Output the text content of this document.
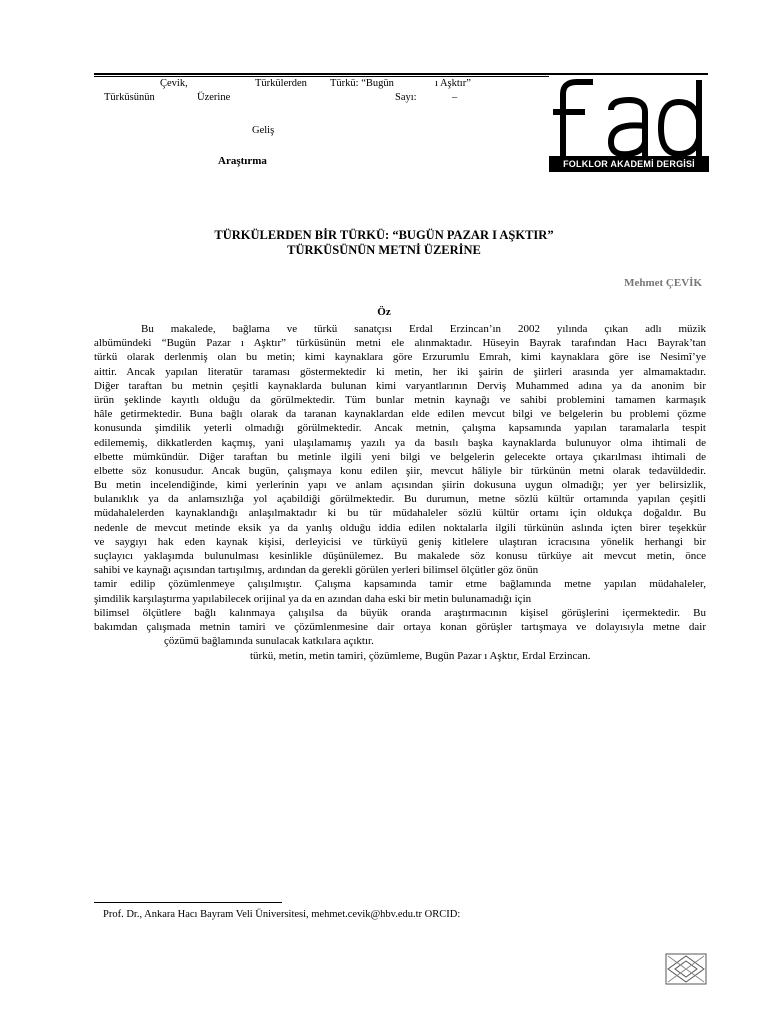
Çevik,	Türkülerden Türkü: “Bugün	ı Aşktır”
Türküsünün	Üzerine	Sayı:	–
Geliş
Araştırma	FOLKLOR AKADEMİ DERGİSİ
TÜRKÜLERDEN BİR TÜRKÜ: “BUGÜN PAZAR I AŞKTIR”
TÜRKÜSÜNÜN METNİ ÜZERİNE
Mehmet ÇEVİK
Öz
Bu makalede, bağlama ve türkü sanatçısı Erdal Erzincan’ın 2002 yılında çıkan adlı müzik
albümündeki “Bugün Pazar ı Aşktır” türküsünün metni ele alınmaktadır. Hüseyin Bayrak tarafından Hacı Bayrak’tan
türkü olarak derlenmiş olan bu metin; kimi kaynaklara göre Erzurumlu Emrah, kimi kaynaklara göre ise Nesimî’ye
aittir. Ancak yapılan literatür taraması göstermektedir ki metin, her iki şairin de şiirleri arasında yer almamaktadır.
Diğer taraftan bu metnin çeşitli kaynaklarda bulunan kimi varyantlarının Derviş Muhammed adına ya da anonim bir
ürün şeklinde kayıtlı olduğu da görülmektedir. Tüm bunlar metnin kaynağı ve sahibi problemini tamamen karmaşık
hâle getirmektedir. Buna bağlı olarak da taranan kaynaklardan elde edilen mevcut bilgi ve belgelerin bu problemi çözme
konusunda şimdilik yeterli olmadığı görülmektedir. Ancak metnin, çalışma kapsamında yapılan taramalarla tespit
edilememiş, dikkatlerden kaçmış, yani ulaşılamamış yazılı ya da basılı başka kaynaklarda bulunuyor olma ihtimali de
elbette mümkündür. Diğer taraftan bu metinle ilgili yeni bilgi ve belgelerin gelecekte ortaya çıkarılması ihtimali de
elbette söz konusudur. Ancak bugün, çalışmaya konu edilen şiir, mevcut hâliyle bir türkünün metni olarak tedavüldedir.
Bu metin incelendiğinde, kimi yerlerinin yapı ve anlam açısından şiirin dokusuna uygun olmadığı; yer yer belirsizlik,
bulanıklık ya da anlamsızlığa yol açabildiği görülmektedir. Bu durumun, metne sözlü kültür ortamında yapılan çeşitli
müdahalelerden kaynaklandığı anlaşılmaktadır ki bu tür müdahaleler sözlü kültür ortamı için oldukça doğaldır. Bu
nedenle de mevcut metinde eksik ya da yanlış olduğu iddia edilen noktalarla ilgili türkünün aslında içten birer teşekkür
ve saygıyı hak eden kaynak kişisi, derleyicisi ve türküyü geniş kitlelere ulaştıran icracısına yönelik herhangi bir
suçlayıcı yaklaşımda bulunulması kesinlikle düşünülemez. Bu makalede söz konusu türküye ait mevcut metin, önce
sahibi ve kaynağı açısından tartışılmış, ardından da gerekli görülen yerleri bilimsel ölçütler göz önün
tamir edilip çözümlenmeye çalışılmıştır. Çalışma kapsamında tamir etme bağlamında metne yapılan müdahaleler,
şimdilik karşılaştırma yapılabilecek orijinal ya da en azından daha eski bir metin bulunamadığı için
bilimsel ölçütlere bağlı kalınmaya çalışılsa da büyük oranda araştırmacının kişisel görüşlerini içermektedir. Bu
bakımdan çalışmada metnin tamiri ve çözümlenmesine dair ortaya konan görüşler tartışmaya ve dolayısıyla metne dair
çözümü bağlamında sunulacak katkılara açıktır.
türkü, metin, metin tamiri, çözümleme, Bugün Pazar ı Aşktır, Erdal Erzincan.
Prof. Dr., Ankara Hacı Bayram Veli Üniversitesi, mehmet.cevik@hbv.edu.tr ORCID:
